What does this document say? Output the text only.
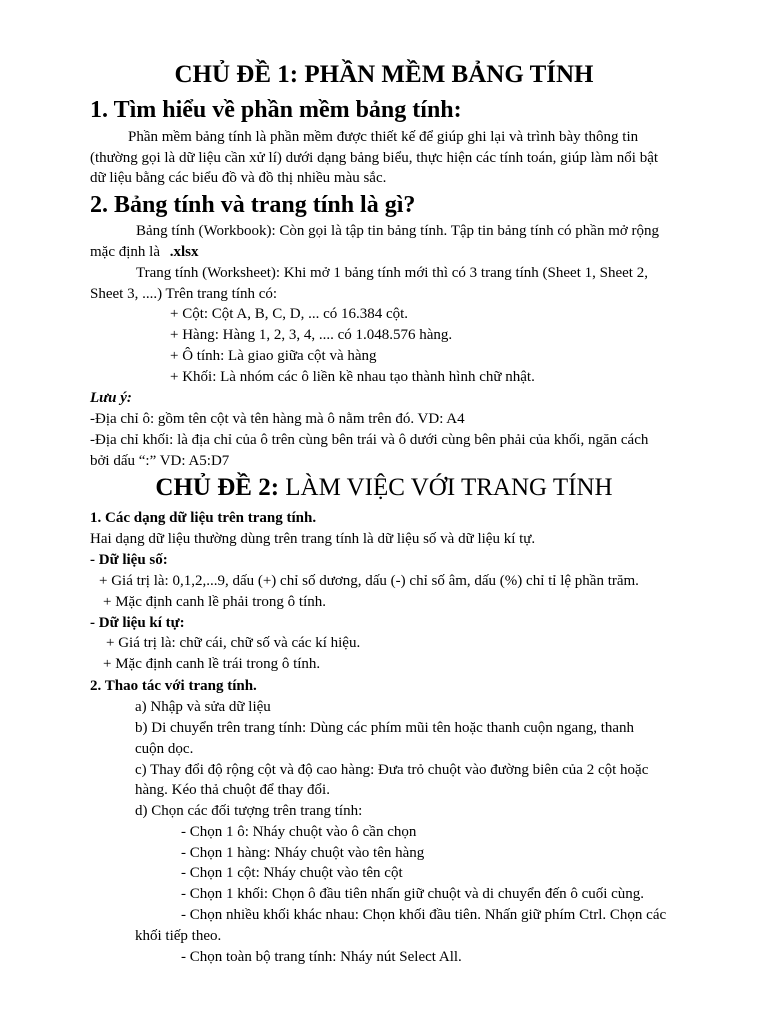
CHỦ ĐỀ 1: PHẦN MỀM BẢNG TÍNH
1. Tìm hiểu về phần mềm bảng tính:
Phần mềm bảng tính là phần mềm được thiết kế để giúp ghi lại và trình bày thông tin
(thường gọi là dữ liệu cần xử lí) dưới dạng bảng biểu, thực hiện các tính toán, giúp làm nổi bật
dữ liệu bằng các biểu đồ và đồ thị nhiều màu sắc.
2. Bảng tính và trang tính là gì?
Bảng tính (Workbook): Còn gọi là tập tin bảng tính. Tập tin bảng tính có phần mở rộng
mặc định là .xlsx
Trang tính (Worksheet): Khi mở 1 bảng tính mới thì có 3 trang tính (Sheet 1, Sheet 2,
Sheet 3, ....) Trên trang tính có:
+ Cột: Cột A, B, C, D, ... có 16.384 cột.
+ Hàng: Hàng 1, 2, 3, 4, .... có 1.048.576 hàng.
+ Ô tính: Là giao giữa cột và hàng
+ Khối: Là nhóm các ô liền kề nhau tạo thành hình chữ nhật.
Lưu ý:
-Địa chỉ ô: gồm tên cột và tên hàng mà ô nằm trên đó. VD: A4
-Địa chỉ khối: là địa chỉ của ô trên cùng bên trái và ô dưới cùng bên phải của khối, ngăn cách
bởi dấu “:” VD: A5:D7
CHỦ ĐỀ 2: LÀM VIỆC VỚI TRANG TÍNH
1. Các dạng dữ liệu trên trang tính.
Hai dạng dữ liệu thường dùng trên trang tính là dữ liệu số và dữ liệu kí tự.
- Dữ liệu số:
+ Giá trị là: 0,1,2,...9, dấu (+) chỉ số dương, dấu (-) chỉ số âm, dấu (%) chỉ tỉ lệ phần trăm.
+ Mặc định canh lề phải trong ô tính.
- Dữ liệu kí tự:
+ Giá trị là: chữ cái, chữ số và các kí hiệu.
+ Mặc định canh lề trái trong ô tính.
2. Thao tác với trang tính.
a) Nhập và sửa dữ liệu
b) Di chuyển trên trang tính: Dùng các phím mũi tên hoặc thanh cuộn ngang, thanh
cuộn dọc.
c) Thay đổi độ rộng cột và độ cao hàng: Đưa trỏ chuột vào đường biên của 2 cột hoặc
hàng. Kéo thả chuột để thay đổi.
d) Chọn các đối tượng trên trang tính:
- Chọn 1 ô: Nháy chuột vào ô cần chọn
- Chọn 1 hàng: Nháy chuột vào tên hàng
- Chọn 1 cột: Nháy chuột vào tên cột
- Chọn 1 khối: Chọn ô đầu tiên nhấn giữ chuột và di chuyển đến ô cuối cùng.
- Chọn nhiều khối khác nhau: Chọn khối đầu tiên. Nhấn giữ phím Ctrl. Chọn các
khối tiếp theo.
- Chọn toàn bộ trang tính: Nháy nút Select All.
